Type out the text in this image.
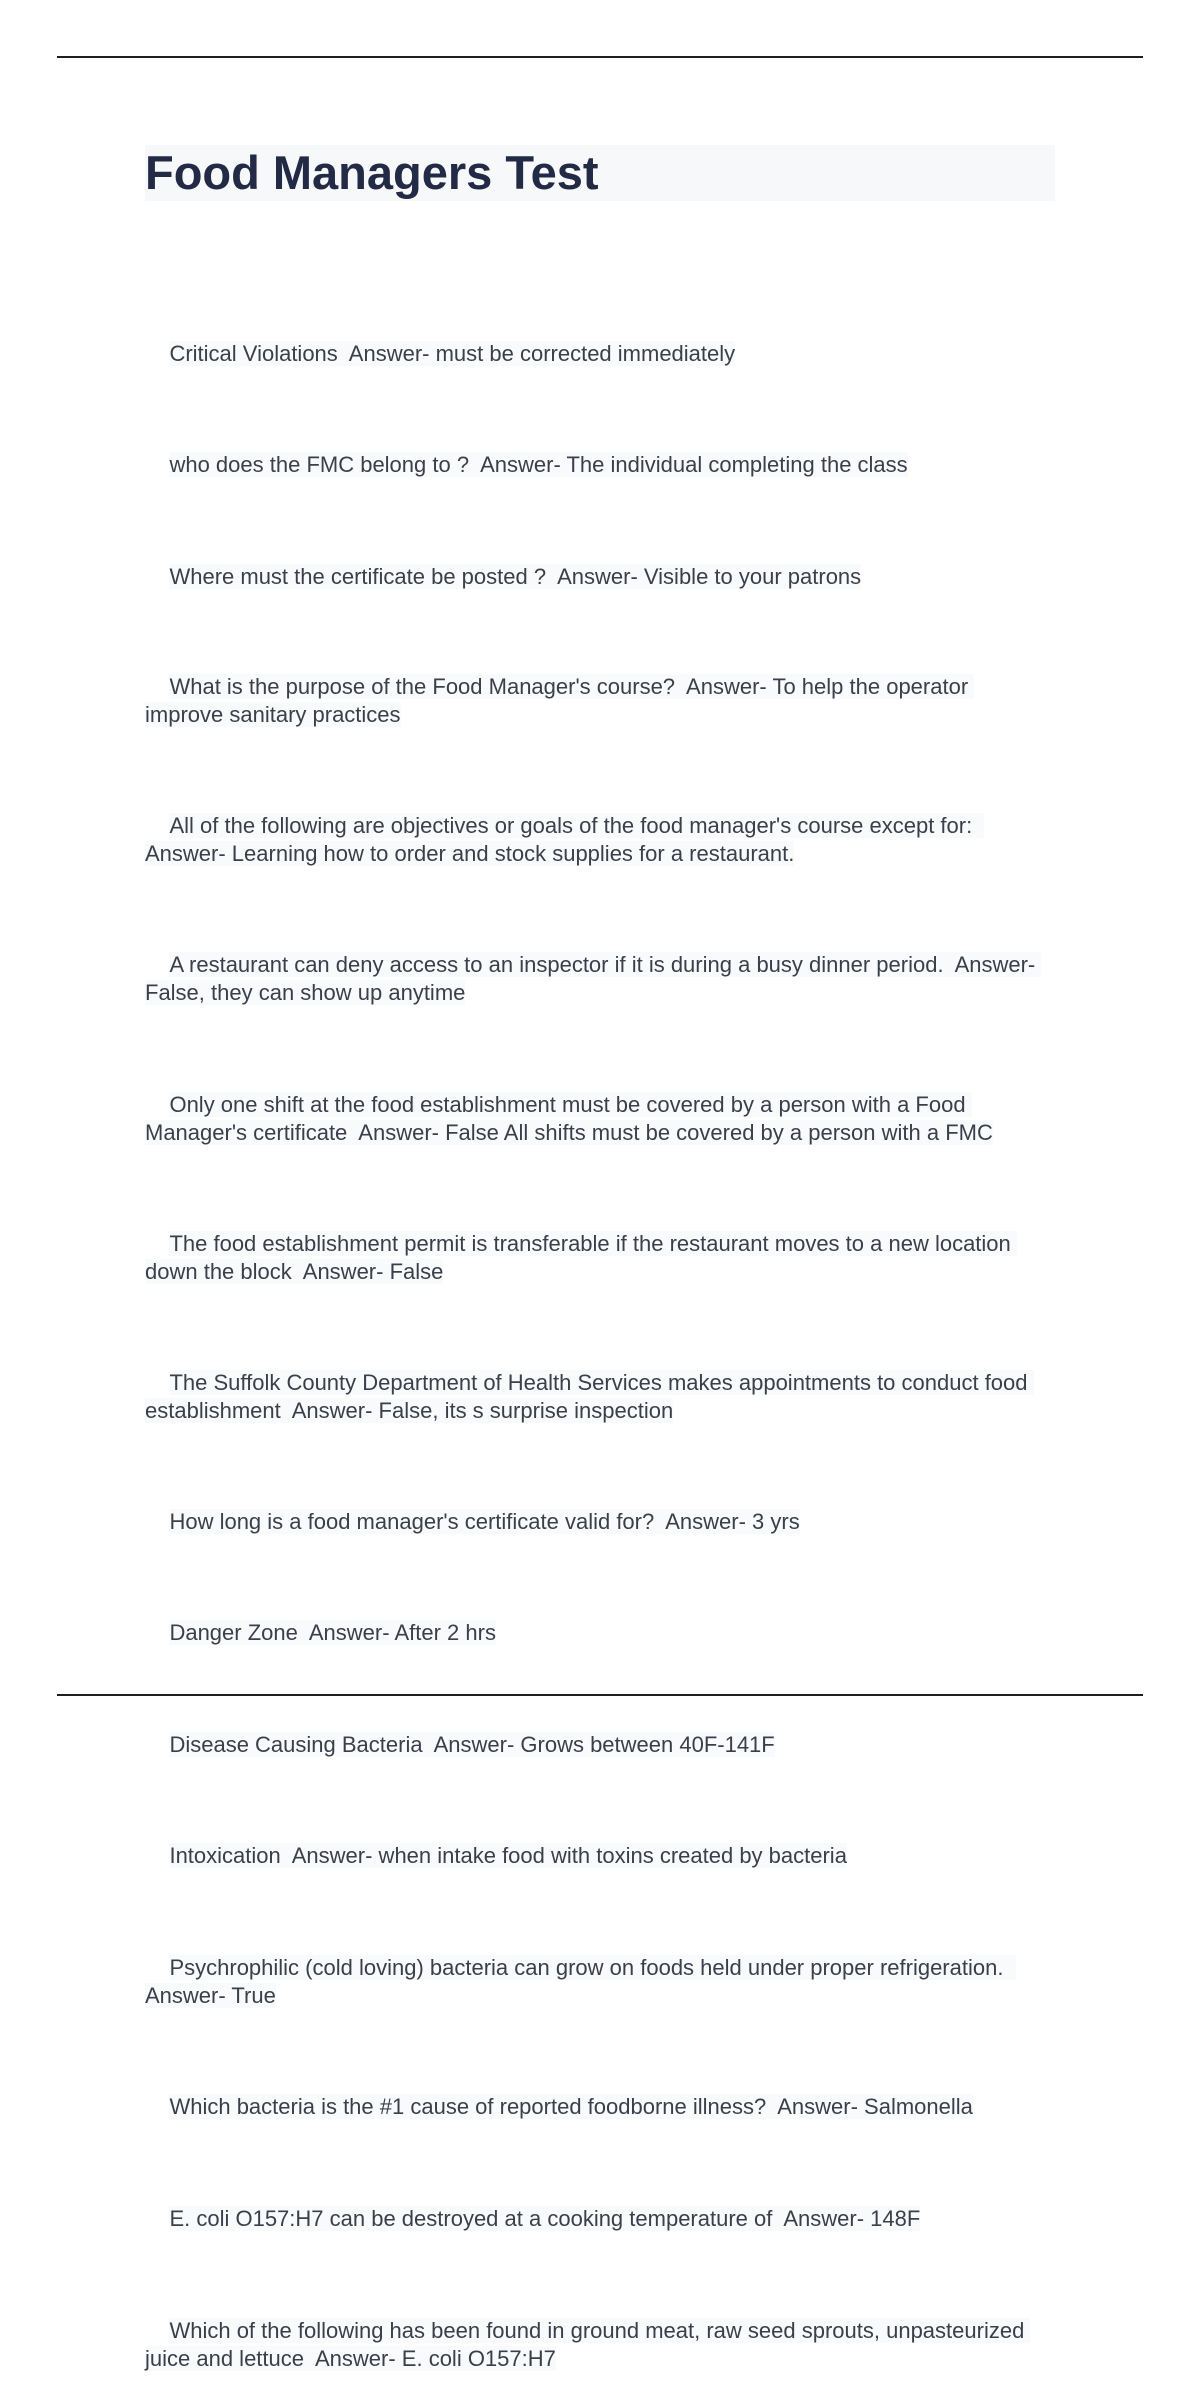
Food Managers Test

Critical Violations  Answer- must be corrected immediately

who does the FMC belong to ?  Answer- The individual completing the class

Where must the certificate be posted ?  Answer- Visible to your patrons

What is the purpose of the Food Manager's course?  Answer- To help the operator improve sanitary practices

All of the following are objectives or goals of the food manager's course except for:  Answer- Learning how to order and stock supplies for a restaurant.

A restaurant can deny access to an inspector if it is during a busy dinner period.  Answer- False, they can show up anytime

Only one shift at the food establishment must be covered by a person with a Food Manager's certificate  Answer- False All shifts must be covered by a person with a FMC

The food establishment permit is transferable if the restaurant moves to a new location down the block  Answer- False

The Suffolk County Department of Health Services makes appointments to conduct food establishment  Answer- False, its s surprise inspection

How long is a food manager's certificate valid for?  Answer- 3 yrs

Danger Zone  Answer- After 2 hrs

Disease Causing Bacteria  Answer- Grows between 40F-141F

Intoxication  Answer- when intake food with toxins created by bacteria

Psychrophilic (cold loving) bacteria can grow on foods held under proper refrigeration.  Answer- True

Which bacteria is the #1 cause of reported foodborne illness?  Answer- Salmonella

E. coli O157:H7 can be destroyed at a cooking temperature of  Answer- 148F

Which of the following has been found in ground meat, raw seed sprouts, unpasteurized juice and lettuce  Answer- E. coli O157:H7
